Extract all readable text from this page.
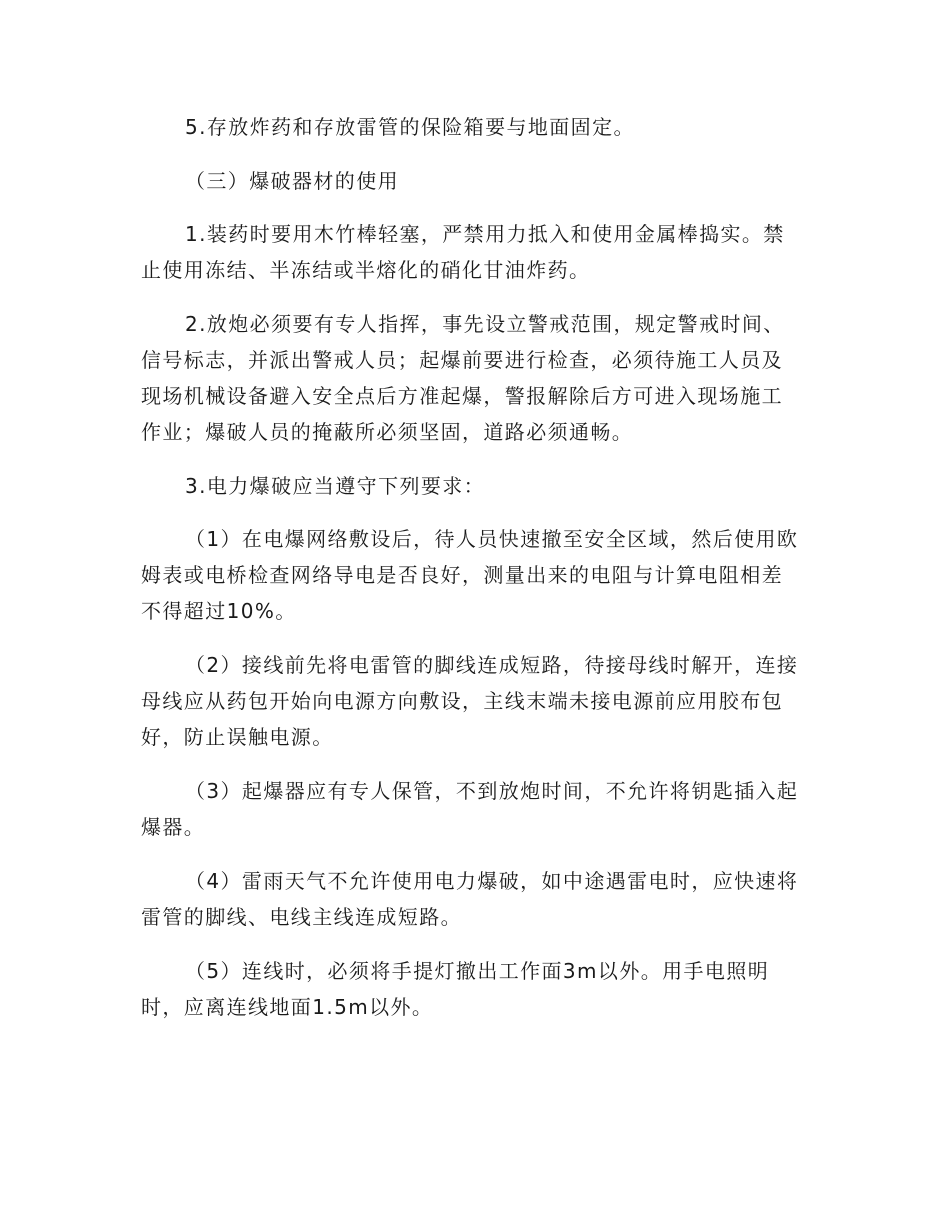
5.存放炸药和存放雷管的保险箱要与地面固定。
（三）爆破器材的使用
1.装药时要用木竹棒轻塞，严禁用力抵入和使用金属棒捣实。禁
止使用冻结、半冻结或半熔化的硝化甘油炸药。
2.放炮必须要有专人指挥，事先设立警戒范围，规定警戒时间、
信号标志，并派出警戒人员；起爆前要进行检查，必须待施工人员及
现场机械设备避入安全点后方准起爆，警报解除后方可进入现场施工
作业；爆破人员的掩蔽所必须坚固，道路必须通畅。
3.电力爆破应当遵守下列要求：
（1）在电爆网络敷设后，待人员快速撤至安全区域，然后使用欧
姆表或电桥检查网络导电是否良好，测量出来的电阻与计算电阻相差
不得超过10%。
（2）接线前先将电雷管的脚线连成短路，待接母线时解开，连接
母线应从药包开始向电源方向敷设，主线末端未接电源前应用胶布包
好，防止误触电源。
（3）起爆器应有专人保管，不到放炮时间，不允许将钥匙插入起
爆器。
（4）雷雨天气不允许使用电力爆破，如中途遇雷电时，应快速将
雷管的脚线、电线主线连成短路。
（5）连线时，必须将手提灯撤出工作面3m以外。用手电照明
时，应离连线地面1.5m以外。
